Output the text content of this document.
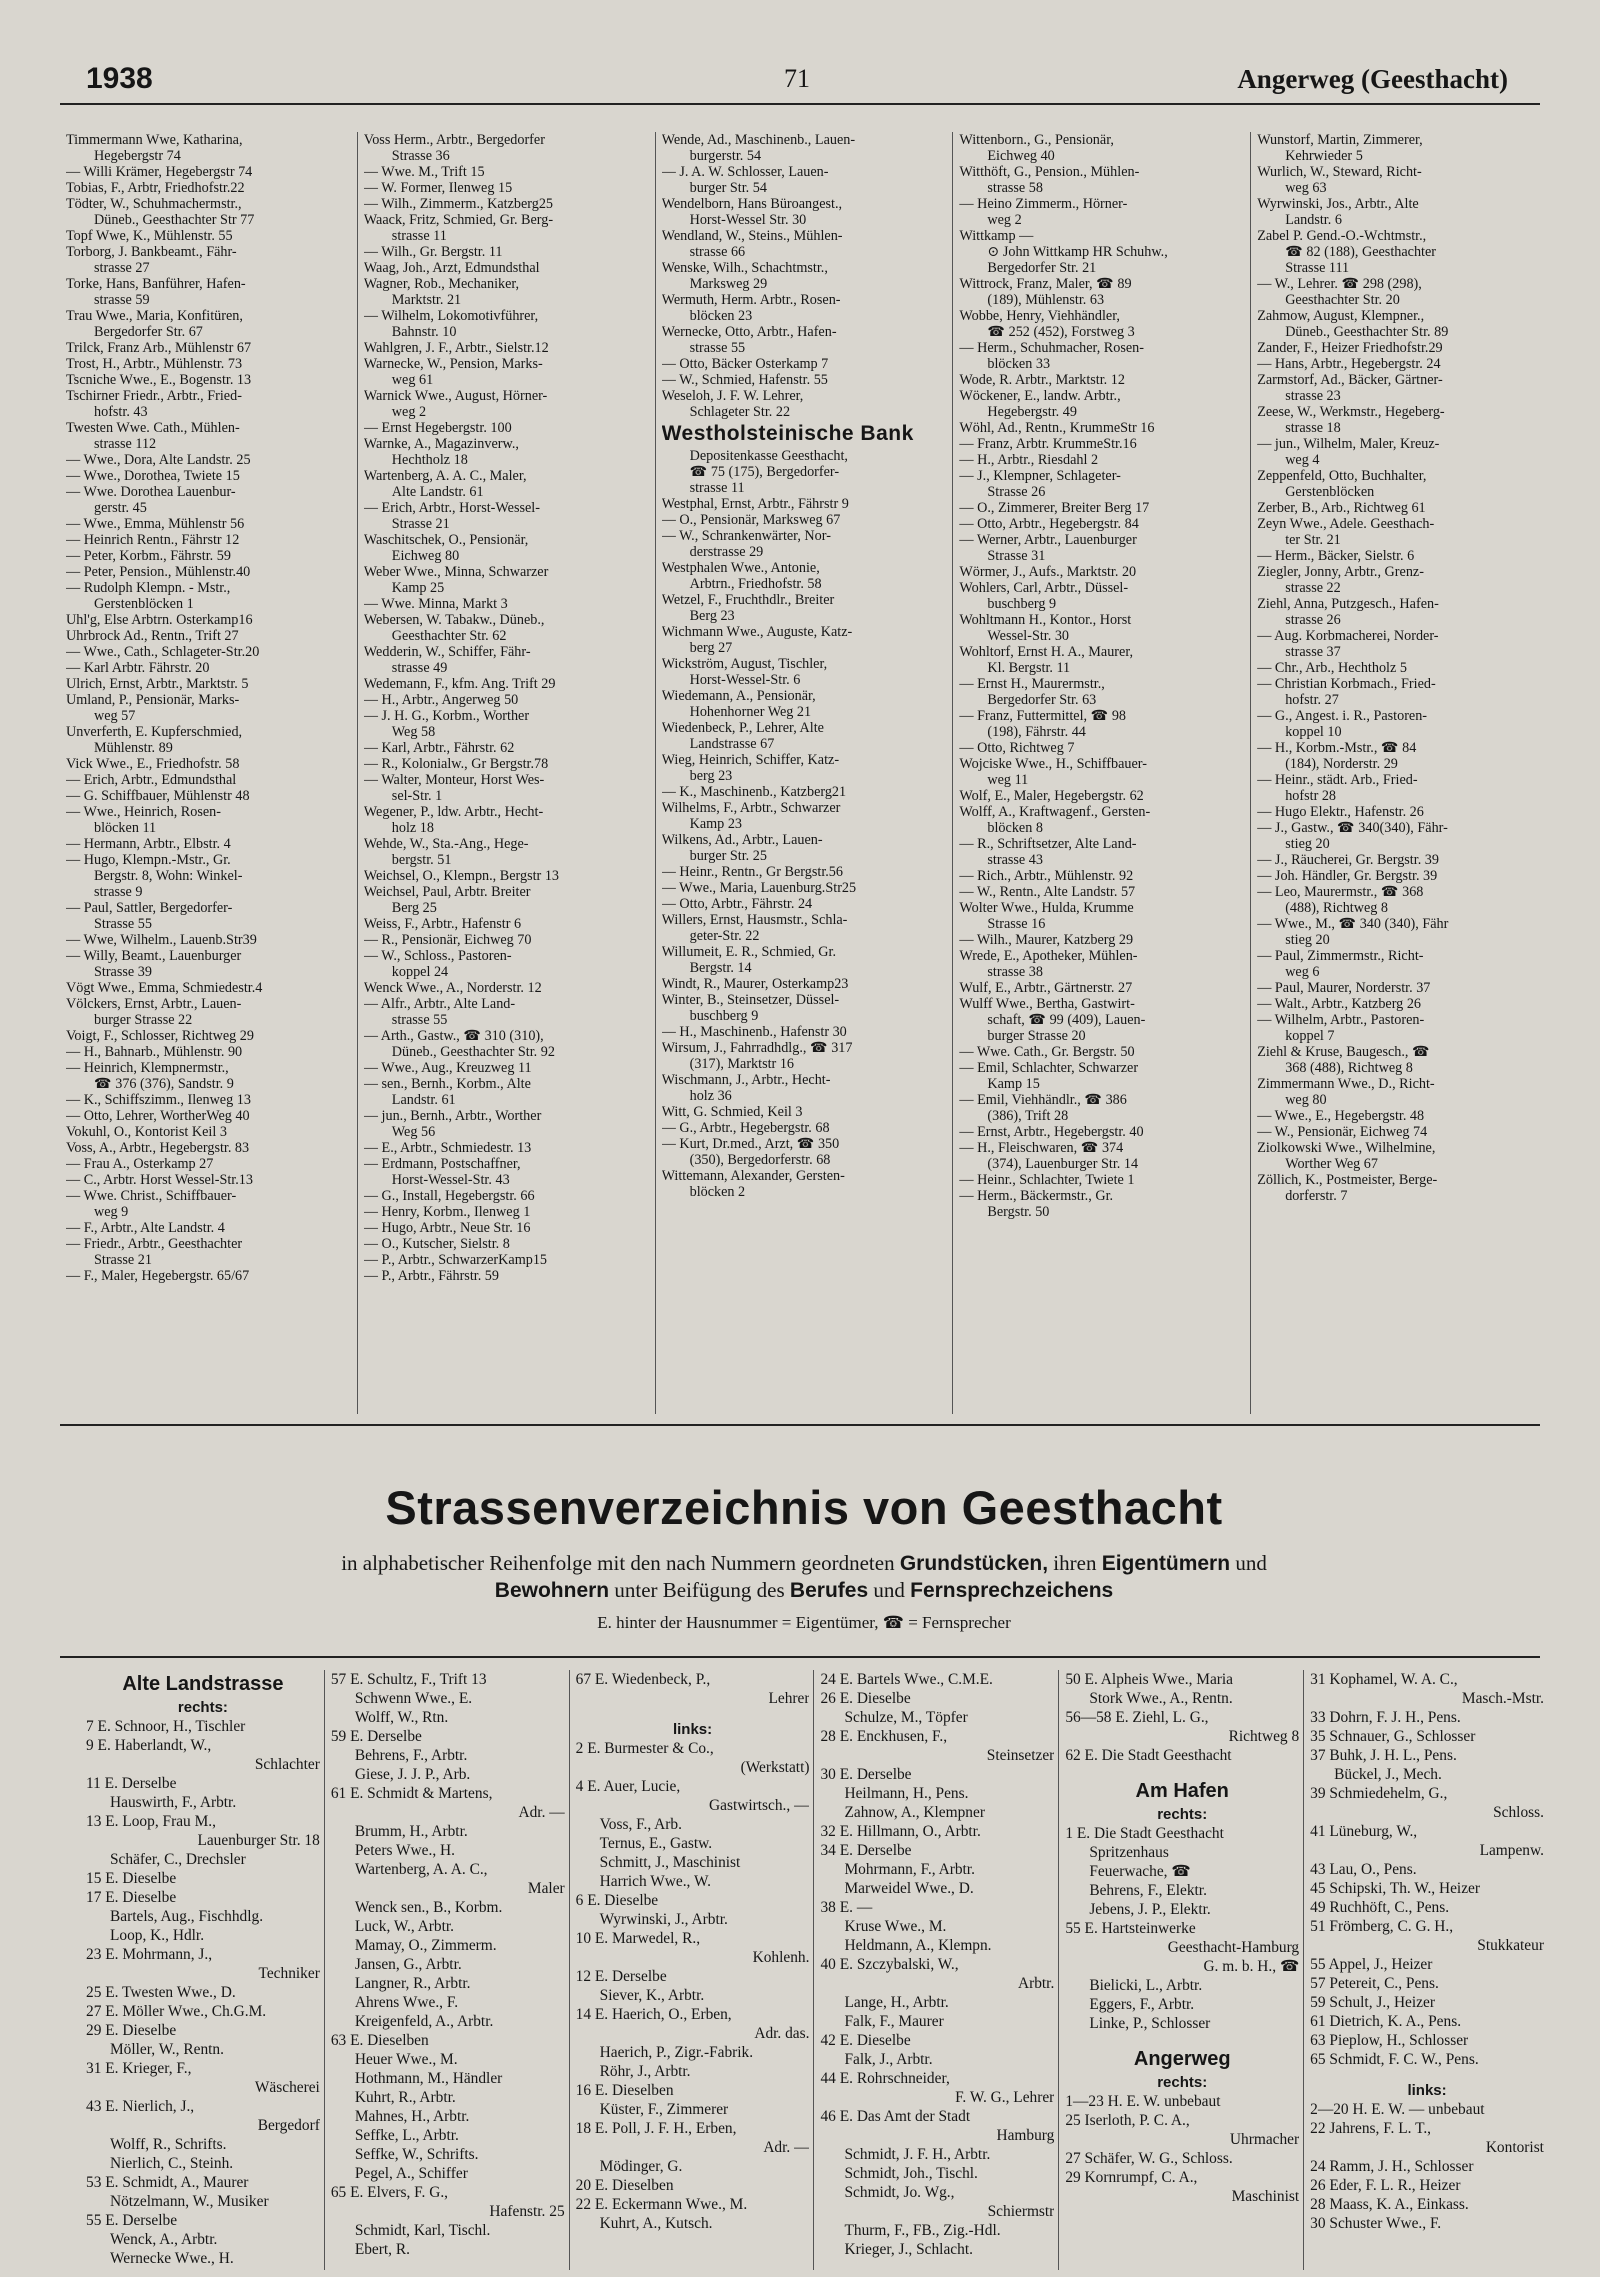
1938	71	Angerweg (Geesthacht)
Timmermann Wwe, Katharina,
Hegebergstr 74
— Willi Krämer, Hegebergstr 74
Tobias, F., Arbtr, Friedhofstr.22
Tödter, W., Schuhmachermstr.,
Düneb., Geesthachter Str 77
Topf Wwe, K., Mühlenstr. 55
Torborg, J. Bankbeamt., Fähr-
strasse 27
Torke, Hans, Banführer, Hafen-
strasse 59
Trau Wwe., Maria, Konfitüren,
Bergedorfer Str. 67
Trilck, Franz Arb., Mühlenstr 67
Trost, H., Arbtr., Mühlenstr. 73
Tscniche Wwe., E., Bogenstr. 13
Tschirner Friedr., Arbtr., Fried-
hofstr. 43
Twesten Wwe. Cath., Mühlen-
strasse 112
— Wwe., Dora, Alte Landstr. 25
— Wwe., Dorothea, Twiete 15
— Wwe. Dorothea Lauenbur-
gerstr. 45
— Wwe., Emma, Mühlenstr 56
— Heinrich Rentn., Fährstr 12
— Peter, Korbm., Fährstr. 59
— Peter, Pension., Mühlenstr.40
— Rudolph Klempn. - Mstr.,
Gerstenblöcken 1
Uhl'g, Else Arbtrn. Osterkamp16
Uhrbrock Ad., Rentn., Trift 27
— Wwe., Cath., Schlageter-Str.20
— Karl Arbtr. Fährstr. 20
Ulrich, Ernst, Arbtr., Marktstr. 5
Umland, P., Pensionär, Marks-
weg 57
Unverferth, E. Kupferschmied,
Mühlenstr. 89
Vick Wwe., E., Friedhofstr. 58
— Erich, Arbtr., Edmundsthal
— G. Schiffbauer, Mühlenstr 48
— Wwe., Heinrich, Rosen-
blöcken 11
— Hermann, Arbtr., Elbstr. 4
— Hugo, Klempn.-Mstr., Gr.
Bergstr. 8, Wohn: Winkel-
strasse 9
— Paul, Sattler, Bergedorfer-
Strasse 55
— Wwe, Wilhelm., Lauenb.Str39
— Willy, Beamt., Lauenburger
Strasse 39
Vögt Wwe., Emma, Schmiedestr.4
Völckers, Ernst, Arbtr., Lauen-
burger Strasse 22
Voigt, F., Schlosser, Richtweg 29
— H., Bahnarb., Mühlenstr. 90
— Heinrich, Klempnermstr.,
☎ 376 (376), Sandstr. 9
— K., Schiffszimm., Ilenweg 13
— Otto, Lehrer, WortherWeg 40
Vokuhl, O., Kontorist Keil 3
Voss, A., Arbtr., Hegebergstr. 83
— Frau A., Osterkamp 27
— C., Arbtr. Horst Wessel-Str.13
— Wwe. Christ., Schiffbauer-
weg 9
— F., Arbtr., Alte Landstr. 4
— Friedr., Arbtr., Geesthachter
Strasse 21
— F., Maler, Hegebergstr. 65/67
Voss Herm., Arbtr., Bergedorfer
Strasse 36
— Wwe. M., Trift 15
— W. Former, Ilenweg 15
— Wilh., Zimmerm., Katzberg25
Waack, Fritz, Schmied, Gr. Berg-
strasse 11
— Wilh., Gr. Bergstr. 11
Waag, Joh., Arzt, Edmundsthal
Wagner, Rob., Mechaniker,
Marktstr. 21
— Wilhelm, Lokomotivführer,
Bahnstr. 10
Wahlgren, J. F., Arbtr., Sielstr.12
Warnecke, W., Pension, Marks-
weg 61
Warnick Wwe., August, Hörner-
weg 2
— Ernst Hegebergstr. 100
Warnke, A., Magazinverw.,
Hechtholz 18
Wartenberg, A. A. C., Maler,
Alte Landstr. 61
— Erich, Arbtr., Horst-Wessel-
Strasse 21
Waschitschek, O., Pensionär,
Eichweg 80
Weber Wwe., Minna, Schwarzer
Kamp 25
— Wwe. Minna, Markt 3
Webersen, W. Tabakw., Düneb.,
Geesthachter Str. 62
Wedderin, W., Schiffer, Fähr-
strasse 49
Wedemann, F., kfm. Ang. Trift 29
— H., Arbtr., Angerweg 50
— J. H. G., Korbm., Worther
Weg 58
— Karl, Arbtr., Fährstr. 62
— R., Kolonialw., Gr Bergstr.78
— Walter, Monteur, Horst Wes-
sel-Str. 1
Wegener, P., ldw. Arbtr., Hecht-
holz 18
Wehde, W., Sta.-Ang., Hege-
bergstr. 51
Weichsel, O., Klempn., Bergstr 13
Weichsel, Paul, Arbtr. Breiter
Berg 25
Weiss, F., Arbtr., Hafenstr 6
— R., Pensionär, Eichweg 70
— W., Schloss., Pastoren-
koppel 24
Wenck Wwe., A., Norderstr. 12
— Alfr., Arbtr., Alte Land-
strasse 55
— Arth., Gastw., ☎ 310 (310),
Düneb., Geesthachter Str. 92
— Wwe., Aug., Kreuzweg 11
— sen., Bernh., Korbm., Alte
Landstr. 61
— jun., Bernh., Arbtr., Worther
Weg 56
— E., Arbtr., Schmiedestr. 13
— Erdmann, Postschaffner,
Horst-Wessel-Str. 43
— G., Install, Hegebergstr. 66
— Henry, Korbm., Ilenweg 1
— Hugo, Arbtr., Neue Str. 16
— O., Kutscher, Sielstr. 8
— P., Arbtr., SchwarzerKamp15
— P., Arbtr., Fährstr. 59
Wende, Ad., Maschinenb., Lauen-
burgerstr. 54
— J. A. W. Schlosser, Lauen-
burger Str. 54
Wendelborn, Hans Büroangest.,
Horst-Wessel Str. 30
Wendland, W., Steins., Mühlen-
strasse 66
Wenske, Wilh., Schachtmstr.,
Marksweg 29
Wermuth, Herm. Arbtr., Rosen-
blöcken 23
Wernecke, Otto, Arbtr., Hafen-
strasse 55
— Otto, Bäcker Osterkamp 7
— W., Schmied, Hafenstr. 55
Weseloh, J. F. W. Lehrer,
Schlageter Str. 22
Westholsteinische Bank
Depositenkasse Geesthacht,
☎ 75 (175), Bergedorfer-
strasse 11
Westphal, Ernst, Arbtr., Fährstr 9
— O., Pensionär, Marksweg 67
— W., Schrankenwärter, Nor-
derstrasse 29
Westphalen Wwe., Antonie,
Arbtrn., Friedhofstr. 58
Wetzel, F., Fruchthdlr., Breiter
Berg 23
Wichmann Wwe., Auguste, Katz-
berg 27
Wickström, August, Tischler,
Horst-Wessel-Str. 6
Wiedemann, A., Pensionär,
Hohenhorner Weg 21
Wiedenbeck, P., Lehrer, Alte
Landstrasse 67
Wieg, Heinrich, Schiffer, Katz-
berg 23
— K., Maschinenb., Katzberg21
Wilhelms, F., Arbtr., Schwarzer
Kamp 23
Wilkens, Ad., Arbtr., Lauen-
burger Str. 25
— Heinr., Rentn., Gr Bergstr.56
— Wwe., Maria, Lauenburg.Str25
— Otto, Arbtr., Fährstr. 24
Willers, Ernst, Hausmstr., Schla-
geter-Str. 22
Willumeit, E. R., Schmied, Gr.
Bergstr. 14
Windt, R., Maurer, Osterkamp23
Winter, B., Steinsetzer, Düssel-
buschberg 9
— H., Maschinenb., Hafenstr 30
Wirsum, J., Fahrradhdlg., ☎ 317
(317), Marktstr 16
Wischmann, J., Arbtr., Hecht-
holz 36
Witt, G. Schmied, Keil 3
— G., Arbtr., Hegebergstr. 68
— Kurt, Dr.med., Arzt, ☎ 350
(350), Bergedorferstr. 68
Wittemann, Alexander, Gersten-
blöcken 2
Wittenborn., G., Pensionär,
Eichweg 40
Witthöft, G., Pension., Mühlen-
strasse 58
— Heino Zimmerm., Hörner-
weg 2
Wittkamp —
⊙ John Wittkamp HR Schuhw.,
Bergedorfer Str. 21
Wittrock, Franz, Maler, ☎ 89
(189), Mühlenstr. 63
Wobbe, Henry, Viehhändler,
☎ 252 (452), Forstweg 3
— Herm., Schuhmacher, Rosen-
blöcken 33
Wode, R. Arbtr., Marktstr. 12
Wöckener, E., landw. Arbtr.,
Hegebergstr. 49
Wöhl, Ad., Rentn., KrummeStr 16
— Franz, Arbtr. KrummeStr.16
— H., Arbtr., Riesdahl 2
— J., Klempner, Schlageter-
Strasse 26
— O., Zimmerer, Breiter Berg 17
— Otto, Arbtr., Hegebergstr. 84
— Werner, Arbtr., Lauenburger
Strasse 31
Wörmer, J., Aufs., Marktstr. 20
Wohlers, Carl, Arbtr., Düssel-
buschberg 9
Wohltmann H., Kontor., Horst
Wessel-Str. 30
Wohltorf, Ernst H. A., Maurer,
Kl. Bergstr. 11
— Ernst H., Maurermstr.,
Bergedorfer Str. 63
— Franz, Futtermittel, ☎ 98
(198), Fährstr. 44
— Otto, Richtweg 7
Wojciske Wwe., H., Schiffbauer-
weg 11
Wolf, E., Maler, Hegebergstr. 62
Wolff, A., Kraftwagenf., Gersten-
blöcken 8
— R., Schriftsetzer, Alte Land-
strasse 43
— Rich., Arbtr., Mühlenstr. 92
— W., Rentn., Alte Landstr. 57
Wolter Wwe., Hulda, Krumme
Strasse 16
— Wilh., Maurer, Katzberg 29
Wrede, E., Apotheker, Mühlen-
strasse 38
Wulf, E., Arbtr., Gärtnerstr. 27
Wulff Wwe., Bertha, Gastwirt-
schaft, ☎ 99 (409), Lauen-
burger Strasse 20
— Wwe. Cath., Gr. Bergstr. 50
— Emil, Schlachter, Schwarzer
Kamp 15
— Emil, Viehhändlr., ☎ 386
(386), Trift 28
— Ernst, Arbtr., Hegebergstr. 40
— H., Fleischwaren, ☎ 374
(374), Lauenburger Str. 14
— Heinr., Schlachter, Twiete 1
— Herm., Bäckermstr., Gr.
Bergstr. 50
Wunstorf, Martin, Zimmerer,
Kehrwieder 5
Wurlich, W., Steward, Richt-
weg 63
Wyrwinski, Jos., Arbtr., Alte
Landstr. 6
Zabel P. Gend.-O.-Wchtmstr.,
☎ 82 (188), Geesthachter
Strasse 111
— W., Lehrer. ☎ 298 (298),
Geesthachter Str. 20
Zahmow, August, Klempner.,
Düneb., Geesthachter Str. 89
Zander, F., Heizer Friedhofstr.29
— Hans, Arbtr., Hegebergstr. 24
Zarmstorf, Ad., Bäcker, Gärtner-
strasse 23
Zeese, W., Werkmstr., Hegeberg-
strasse 18
— jun., Wilhelm, Maler, Kreuz-
weg 4
Zeppenfeld, Otto, Buchhalter,
Gerstenblöcken
Zerber, B., Arb., Richtweg 61
Zeyn Wwe., Adele. Geesthach-
ter Str. 21
— Herm., Bäcker, Sielstr. 6
Ziegler, Jonny, Arbtr., Grenz-
strasse 22
Ziehl, Anna, Putzgesch., Hafen-
strasse 26
— Aug. Korbmacherei, Norder-
strasse 37
— Chr., Arb., Hechtholz 5
— Christian Korbmach., Fried-
hofstr. 27
— G., Angest. i. R., Pastoren-
koppel 10
— H., Korbm.-Mstr., ☎ 84
(184), Norderstr. 29
— Heinr., städt. Arb., Fried-
hofstr 28
— Hugo Elektr., Hafenstr. 26
— J., Gastw., ☎ 340(340), Fähr-
stieg 20
— J., Räucherei, Gr. Bergstr. 39
— Joh. Händler, Gr. Bergstr. 39
— Leo, Maurermstr., ☎ 368
(488), Richtweg 8
— Wwe., M., ☎ 340 (340), Fähr
stieg 20
— Paul, Zimmermstr., Richt-
weg 6
— Paul, Maurer, Norderstr. 37
— Walt., Arbtr., Katzberg 26
— Wilhelm, Arbtr., Pastoren-
koppel 7
Ziehl & Kruse, Baugesch., ☎
368 (488), Richtweg 8
Zimmermann Wwe., D., Richt-
weg 80
— Wwe., E., Hegebergstr. 48
— W., Pensionär, Eichweg 74
Ziolkowski Wwe., Wilhelmine,
Worther Weg 67
Zöllich, K., Postmeister, Berge-
dorferstr. 7
Strassenverzeichnis von Geesthacht
in alphabetischer Reihenfolge mit den nach Nummern geordneten Grundstücken, ihren Eigentümern und
Bewohnern unter Beifügung des Berufes und Fernsprechzeichens
E. hinter der Hausnummer = Eigentümer, ☎ = Fernsprecher
Alte Landstrasse
rechts:
7 E. Schnoor, H., Tischler
9 E. Haberlandt, W.,
Schlachter
11 E. Derselbe
Hauswirth, F., Arbtr.
13 E. Loop, Frau M.,
Lauenburger Str. 18
Schäfer, C., Drechsler
15 E. Dieselbe
17 E. Dieselbe
Bartels, Aug., Fischhdlg.
Loop, K., Hdlr.
23 E. Mohrmann, J.,
Techniker
25 E. Twesten Wwe., D.
27 E. Möller Wwe., Ch.G.M.
29 E. Dieselbe
Möller, W., Rentn.
31 E. Krieger, F.,
Wäscherei
43 E. Nierlich, J.,
Bergedorf
Wolff, R., Schrifts.
Nierlich, C., Steinh.
53 E. Schmidt, A., Maurer
Nötzelmann, W., Musiker
55 E. Derselbe
Wenck, A., Arbtr.
Wernecke Wwe., H.
57 E. Schultz, F., Trift 13
Schwenn Wwe., E.
Wolff, W., Rtn.
59 E. Derselbe
Behrens, F., Arbtr.
Giese, J. J. P., Arb.
61 E. Schmidt & Martens,
Adr. —
Brumm, H., Arbtr.
Peters Wwe., H.
Wartenberg, A. A. C.,
Maler
Wenck sen., B., Korbm.
Luck, W., Arbtr.
Mamay, O., Zimmerm.
Jansen, G., Arbtr.
Langner, R., Arbtr.
Ahrens Wwe., F.
Kreigenfeld, A., Arbtr.
63 E. Dieselben
Heuer Wwe., M.
Hothmann, M., Händler
Kuhrt, R., Arbtr.
Mahnes, H., Arbtr.
Seffke, L., Arbtr.
Seffke, W., Schrifts.
Pegel, A., Schiffer
65 E. Elvers, F. G.,
Hafenstr. 25
Schmidt, Karl, Tischl.
Ebert, R.
67 E. Wiedenbeck, P.,
Lehrer
links:
2 E. Burmester & Co.,
(Werkstatt)
4 E. Auer, Lucie,
Gastwirtsch., —
Voss, F., Arb.
Ternus, E., Gastw.
Schmitt, J., Maschinist
Harrich Wwe., W.
6 E. Dieselbe
Wyrwinski, J., Arbtr.
10 E. Marwedel, R.,
Kohlenh.
12 E. Derselbe
Siever, K., Arbtr.
14 E. Haerich, O., Erben,
Adr. das.
Haerich, P., Zigr.-Fabrik.
Röhr, J., Arbtr.
16 E. Dieselben
Küster, F., Zimmerer
18 E. Poll, J. F. H., Erben,
Adr. —
Mödinger, G.
20 E. Dieselben
22 E. Eckermann Wwe., M.
Kuhrt, A., Kutsch.
24 E. Bartels Wwe., C.M.E.
26 E. Dieselbe
Schulze, M., Töpfer
28 E. Enckhusen, F.,
Steinsetzer
30 E. Derselbe
Heilmann, H., Pens.
Zahnow, A., Klempner
32 E. Hillmann, O., Arbtr.
34 E. Derselbe
Mohrmann, F., Arbtr.
Marweidel Wwe., D.
38 E. —
Kruse Wwe., M.
Heldmann, A., Klempn.
40 E. Szczybalski, W.,
Arbtr.
Lange, H., Arbtr.
Falk, F., Maurer
42 E. Dieselbe
Falk, J., Arbtr.
44 E. Rohrschneider,
F. W. G., Lehrer
46 E. Das Amt der Stadt
Hamburg
Schmidt, J. F. H., Arbtr.
Schmidt, Joh., Tischl.
Schmidt, Jo. Wg.,
Schiermstr
Thurm, F., FB., Zig.-Hdl.
Krieger, J., Schlacht.
50 E. Alpheis Wwe., Maria
Stork Wwe., A., Rentn.
56—58 E. Ziehl, L. G.,
Richtweg 8
62 E. Die Stadt Geesthacht
Am Hafen
rechts:
1 E. Die Stadt Geesthacht
Spritzenhaus
Feuerwache, ☎
Behrens, F., Elektr.
Jebens, J. P., Elektr.
55 E. Hartsteinwerke
Geesthacht-Hamburg
G. m. b. H., ☎
Bielicki, L., Arbtr.
Eggers, F., Arbtr.
Linke, P., Schlosser
Angerweg
rechts:
1—23 H. E. W. unbebaut
25 Iserloth, P. C. A.,
Uhrmacher
27 Schäfer, W. G., Schloss.
29 Kornrumpf, C. A.,
Maschinist
31 Kophamel, W. A. C.,
Masch.-Mstr.
33 Dohrn, F. J. H., Pens.
35 Schnauer, G., Schlosser
37 Buhk, J. H. L., Pens.
Bückel, J., Mech.
39 Schmiedehelm, G.,
Schloss.
41 Lüneburg, W.,
Lampenw.
43 Lau, O., Pens.
45 Schipski, Th. W., Heizer
49 Ruchhöft, C., Pens.
51 Frömberg, C. G. H.,
Stukkateur
55 Appel, J., Heizer
57 Petereit, C., Pens.
59 Schult, J., Heizer
61 Dietrich, K. A., Pens.
63 Pieplow, H., Schlosser
65 Schmidt, F. C. W., Pens.
links:
2—20 H. E. W. — unbebaut
22 Jahrens, F. L. T.,
Kontorist
24 Ramm, J. H., Schlosser
26 Eder, F. L. R., Heizer
28 Maass, K. A., Einkass.
30 Schuster Wwe., F.
